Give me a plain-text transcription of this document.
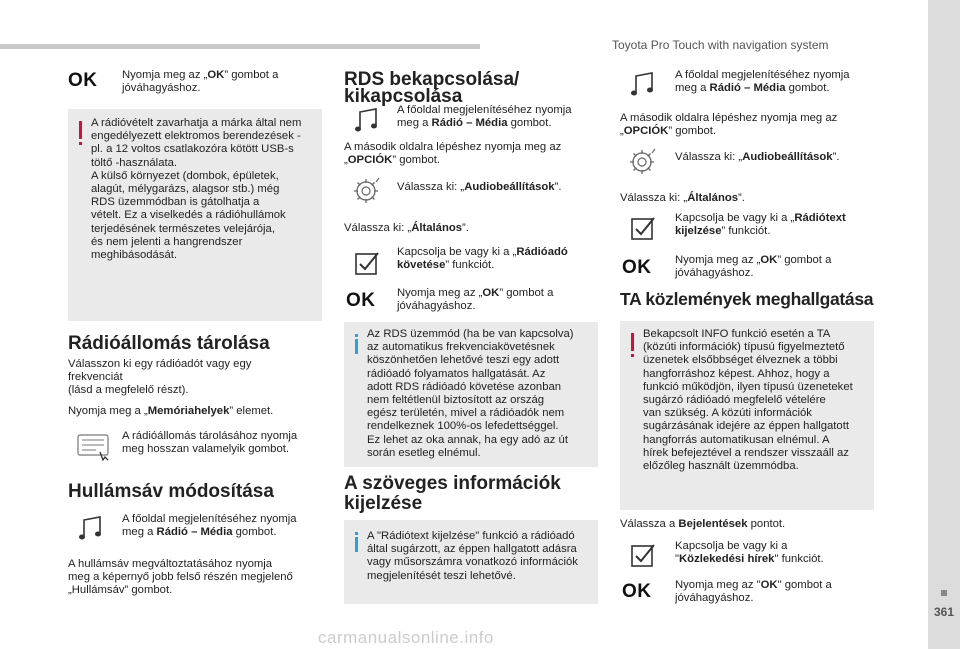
Toyota Pro Touch with navigation system
361
carmanualsonline.info
OK Nyomja meg az „OK” gombot a jóváhagyáshoz.
A rádióvételt zavarhatja a márka által nem
engedélyezett elektromos berendezések -
pl. a 12 voltos csatlakozóra kötött USB-s
töltő -használata.
A külső környezet (dombok, épületek,
alagút, mélygarázs, alagsor stb.) még
RDS üzemmódban is gátolhatja a
vételt. Ez a viselkedés a rádióhullámok
terjedésének természetes velejárója,
és nem jelenti a hangrendszer
meghibásodását.
Rádióállomás tárolása
Válasszon ki egy rádióadót vagy egy
frekvenciát
(lásd a megfelelő részt).
Nyomja meg a „Memóriahelyek” elemet.
A rádióállomás tárolásához nyomja
meg hosszan valamelyik gombot.
Hullámsáv módosítása
A főoldal megjelenítéséhez nyomja
meg a Rádió – Média gombot.
A hullámsáv megváltoztatásához nyomja
meg a képernyő jobb felső részén megjelenő
„Hullámsáv” gombot.
RDS bekapcsolása/
kikapcsolása
A főoldal megjelenítéséhez nyomja
meg a Rádió – Média gombot.
A második oldalra lépéshez nyomja meg az
„OPCIÓK” gombot.
Válassza ki: „Audiobeállítások”.
Válassza ki: „Általános”.
Kapcsolja be vagy ki a „Rádióadó
követése” funkciót.
OK Nyomja meg az „OK” gombot a
jóváhagyáshoz.
Az RDS üzemmód (ha be van kapcsolva)
az automatikus frekvenciakövetésnek
köszönhetően lehetővé teszi egy adott
rádióadó folyamatos hallgatását. Az
adott RDS rádióadó követése azonban
nem feltétlenül biztosított az ország
egész területén, mivel a rádióadók nem
rendelkeznek 100%-os lefedettséggel.
Ez lehet az oka annak, ha egy adó az út
során esetleg elnémul.
A szöveges információk
kijelzése
A "Rádiótext kijelzése" funkció a rádióadó
által sugárzott, az éppen hallgatott adásra
vagy műsorszámra vonatkozó információk
megjelenítését teszi lehetővé.
A főoldal megjelenítéséhez nyomja
meg a Rádió – Média gombot.
A második oldalra lépéshez nyomja meg az
„OPCIÓK” gombot.
Válassza ki: „Audiobeállítások”.
Válassza ki: „Általános”.
Kapcsolja be vagy ki a „Rádiótext
kijelzése” funkciót.
OK Nyomja meg az „OK” gombot a
jóváhagyáshoz.
TA közlemények meghallgatása
Bekapcsolt INFO funkció esetén a TA
(közúti információk) típusú figyelmeztető
üzenetek elsőbbséget élveznek a többi
hangforráshoz képest. Ahhoz, hogy a
funkció működjön, ilyen típusú üzeneteket
sugárzó rádióadó megfelelő vételére
van szükség. A közúti információk
sugárzásának idejére az éppen hallgatott
hangforrás automatikusan elnémul. A
hírek befejeztével a rendszer visszaáll az
előzőleg használt üzemmódba.
Válassza a Bejelentések pontot.
Kapcsolja be vagy ki a
"Közlekedési hírek" funkciót.
OK Nyomja meg az "OK" gombot a
jóváhagyáshoz.
